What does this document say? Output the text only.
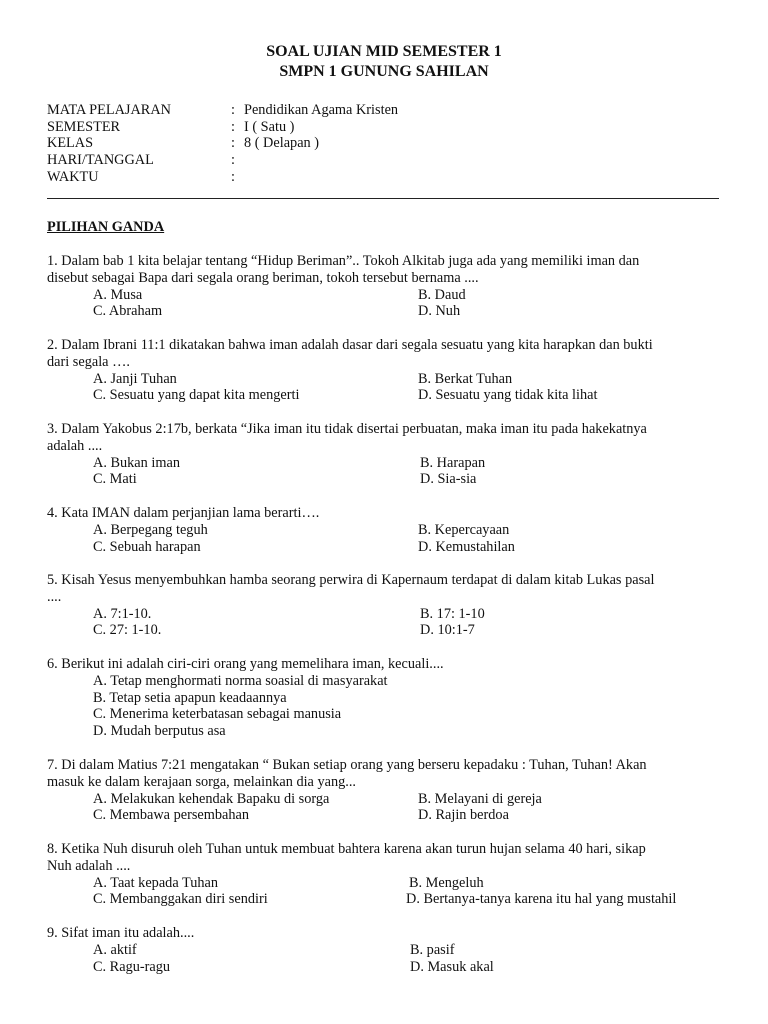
SOAL UJIAN MID SEMESTER 1
SMPN 1 GUNUNG SAHILAN
MATA PELAJARAN	: Pendidikan Agama Kristen
SEMESTER	: I ( Satu )
KELAS	: 8 ( Delapan )
HARI/TANGGAL	:
WAKTU	:
PILIHAN GANDA
1. Dalam bab 1 kita belajar tentang “Hidup Beriman”.. Tokoh Alkitab juga ada yang memiliki iman dan
disebut sebagai Bapa dari segala orang beriman, tokoh tersebut bernama ....
A. Musa	B. Daud
C. Abraham	D. Nuh
2. Dalam Ibrani 11:1 dikatakan bahwa iman adalah dasar dari segala sesuatu yang kita harapkan dan bukti
dari segala ….
A. Janji Tuhan	B. Berkat Tuhan
C. Sesuatu yang dapat kita mengerti	D. Sesuatu yang tidak kita lihat
3. Dalam Yakobus 2:17b, berkata “Jika iman itu tidak disertai perbuatan, maka iman itu pada hakekatnya
adalah ....
A. Bukan iman	B. Harapan
C. Mati	D. Sia-sia
4. Kata IMAN dalam perjanjian lama berarti….
A. Berpegang teguh	B. Kepercayaan
C. Sebuah harapan	D. Kemustahilan
5. Kisah Yesus menyembuhkan hamba seorang perwira di Kapernaum terdapat di dalam kitab Lukas pasal
....
A. 7:1-10.	B. 17: 1-10
C. 27: 1-10.	D. 10:1-7
6. Berikut ini adalah ciri-ciri orang yang memelihara iman, kecuali....
A. Tetap menghormati norma soasial di masyarakat
B. Tetap setia apapun keadaannya
C. Menerima keterbatasan sebagai manusia
D. Mudah berputus asa
7. Di dalam Matius 7:21 mengatakan “ Bukan setiap orang yang berseru kepadaku : Tuhan, Tuhan! Akan
masuk ke dalam kerajaan sorga, melainkan dia yang...
A. Melakukan kehendak Bapaku di sorga	B. Melayani di gereja
C. Membawa persembahan	D. Rajin berdoa
8. Ketika Nuh disuruh oleh Tuhan untuk membuat bahtera karena akan turun hujan selama 40 hari, sikap
Nuh adalah ....
A. Taat kepada Tuhan	B. Mengeluh
C. Membanggakan diri sendiri	D. Bertanya-tanya karena itu hal yang mustahil
9. Sifat iman itu adalah....
A. aktif	B. pasif
C. Ragu-ragu	D. Masuk akal
